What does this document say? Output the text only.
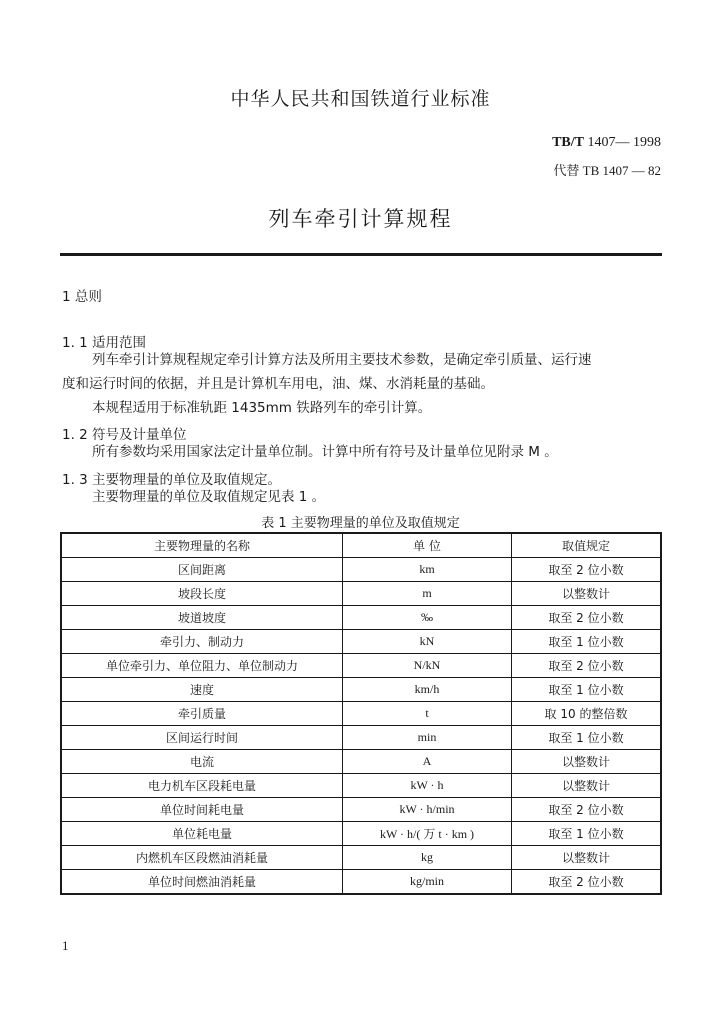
中华人民共和国铁道行业标准
TB/T 1407— 1998
代替 TB 1407 — 82
列车牵引计算规程
1 总则
1. 1 适用范围
列车牵引计算规程规定牵引计算方法及所用主要技术参数，是确定牵引质量、运行速
度和运行时间的依据，并且是计算机车用电，油、煤、水消耗量的基础。
本规程适用于标准轨距 1435mm 铁路列车的牵引计算。
1. 2 符号及计量单位
所有参数均采用国家法定计量单位制。计算中所有符号及计量单位见附录 M 。
1. 3 主要物理量的单位及取值规定。
主要物理量的单位及取值规定见表 1 。
表 1 主要物理量的单位及取值规定
主要物理量的名称	单 位	取值规定
区间距离	km	取至 2 位小数
坡段长度	m	以整数计
坡道坡度	‰	取至 2 位小数
牵引力、制动力	kN	取至 1 位小数
单位牵引力、单位阻力、单位制动力	N/kN	取至 2 位小数
速度	km/h	取至 1 位小数
牵引质量	t	取 10 的整倍数
区间运行时间	min	取至 1 位小数
电流	A	以整数计
电力机车区段耗电量	kW · h	以整数计
单位时间耗电量	kW · h/min	取至 2 位小数
单位耗电量	kW · h/( 万 t · km )	取至 1 位小数
内燃机车区段燃油消耗量	kg	以整数计
单位时间燃油消耗量	kg/min	取至 2 位小数
1
